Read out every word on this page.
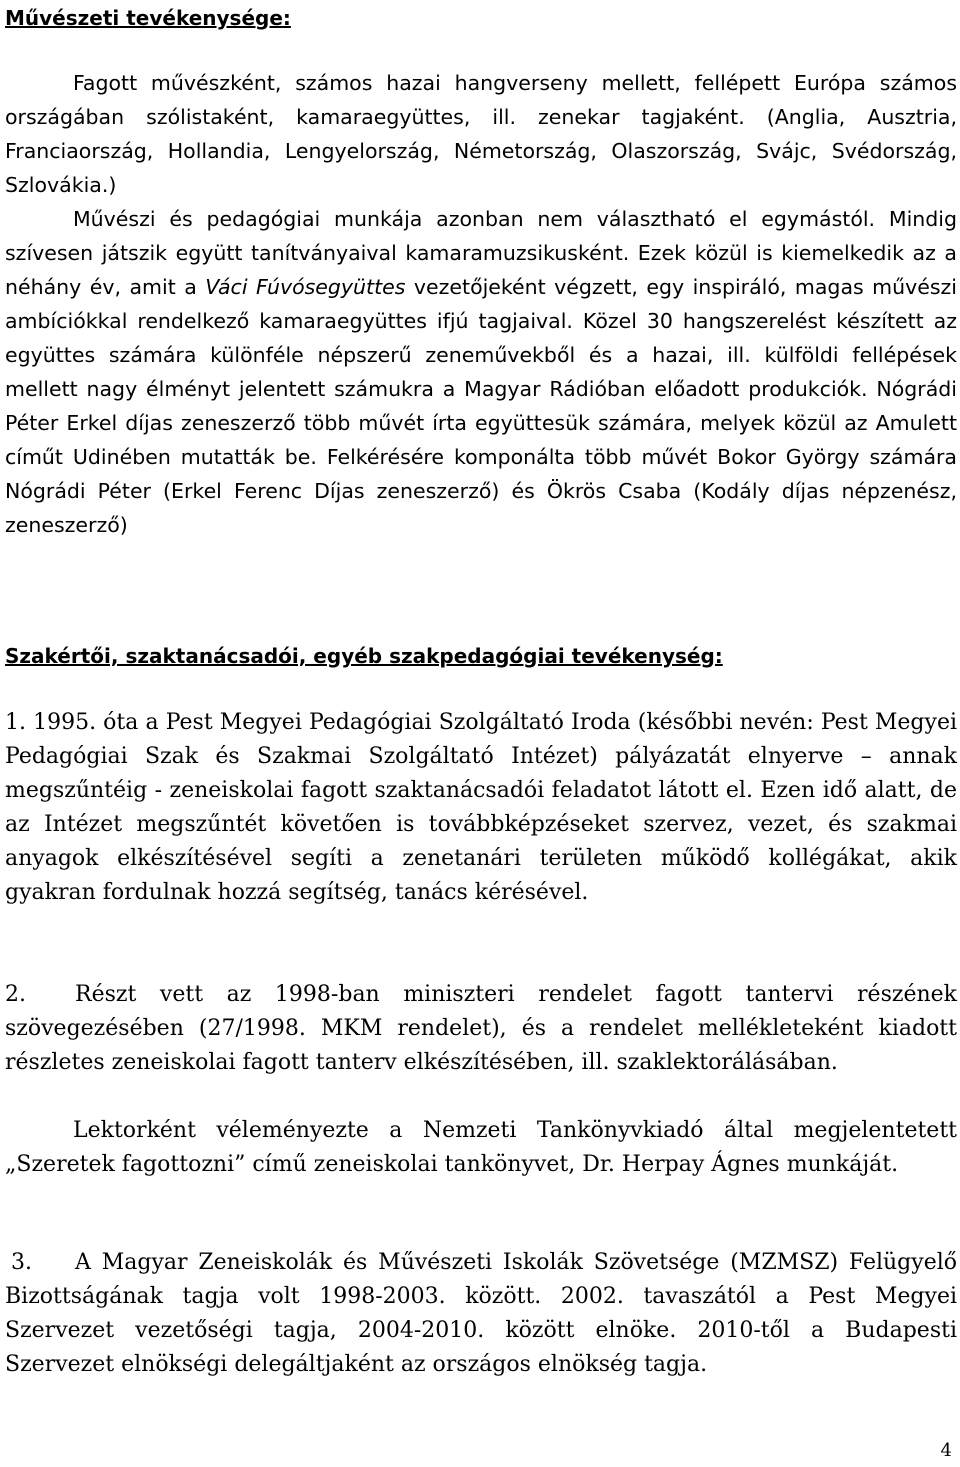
Művészeti tevékenysége:
Fagott művészként, számos hazai hangverseny mellett, fellépett Európa számos országában szólistaként, kamaraegyüttes, ill. zenekar tagjaként. (Anglia, Ausztria, Franciaország, Hollandia, Lengyelország, Németország, Olaszország, Svájc, Svédország, Szlovákia.)
Művészi és pedagógiai munkája azonban nem választható el egymástól. Mindig szívesen játszik együtt tanítványaival kamaramuzsikusként. Ezek közül is kiemelkedik az a néhány év, amit a Váci Fúvósegyüttes vezetőjeként végzett, egy inspiráló, magas művészi ambíciókkal rendelkező kamaraegyüttes ifjú tagjaival. Közel 30 hangszerelést készített az együttes számára különféle népszerű zeneművekből és a hazai, ill. külföldi fellépések mellett nagy élményt jelentett számukra a Magyar Rádióban előadott produkciók. Nógrádi Péter Erkel díjas zeneszerző több művét írta együttesük számára, melyek közül az Amulett címűt Udinében mutatták be. Felkérésére komponálta több művét Bokor György számára Nógrádi Péter (Erkel Ferenc Díjas zeneszerző) és Ökrös Csaba (Kodály díjas népzenész, zeneszerző)
Szakértői, szaktanácsadói, egyéb szakpedagógiai tevékenység:
1. 1995. óta a Pest Megyei Pedagógiai Szolgáltató Iroda (későbbi nevén: Pest Megyei Pedagógiai Szak és Szakmai Szolgáltató Intézet) pályázatát elnyerve – annak megszűntéig - zeneiskolai fagott szaktanácsadói feladatot látott el. Ezen idő alatt, de az Intézet megszűntét követően is továbbképzéseket szervez, vezet, és szakmai anyagok elkészítésével segíti a zenetanári területen működő kollégákat, akik gyakran fordulnak hozzá segítség, tanács kérésével.
2. Részt vett az 1998-ban miniszteri rendelet fagott tantervi részének szövegezésében (27/1998. MKM rendelet), és a rendelet mellékleteként kiadott részletes zeneiskolai fagott tanterv elkészítésében, ill. szaklektorálásában.
Lektorként véleményezte a Nemzeti Tankönyvkiadó által megjelentetett „Szeretek fagottozni” című zeneiskolai tankönyvet, Dr. Herpay Ágnes munkáját.
3. A Magyar Zeneiskolák és Művészeti Iskolák Szövetsége (MZMSZ) Felügyelő Bizottságának tagja volt 1998-2003. között. 2002. tavaszától a Pest Megyei Szervezet vezetőségi tagja, 2004-2010. között elnöke. 2010-től a Budapesti Szervezet elnökségi delegáltjaként az országos elnökség tagja.
4
